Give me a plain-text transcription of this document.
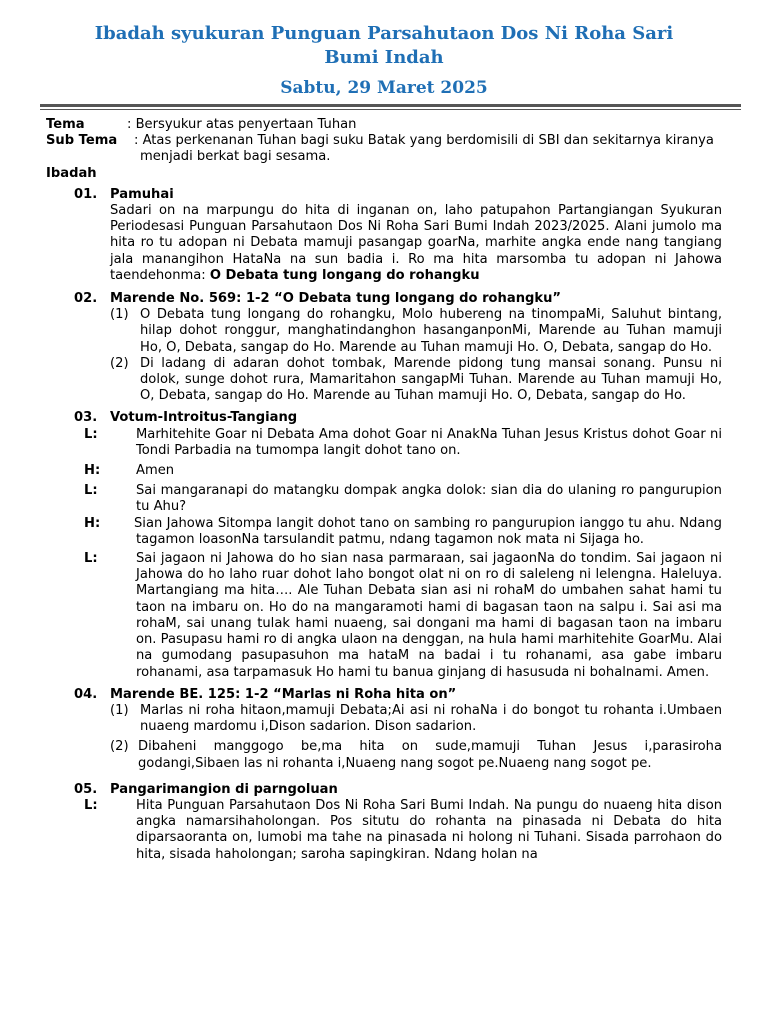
Ibadah syukuran Punguan Parsahutaon Dos Ni Roha Sari
Bumi Indah
Sabtu, 29 Maret 2025
Tema	: Bersyukur atas penyertaan Tuhan
Sub Tema	: Atas perkenanan Tuhan bagi suku Batak yang berdomisili di SBI dan sekitarnya kiranya menjadi berkat bagi sesama.
Ibadah
01. Pamuhai
Sadari on na marpungu do hita di inganan on, laho patupahon Partangiangan Syukuran Periodesasi Punguan Parsahutaon Dos Ni Roha Sari Bumi Indah 2023/2025. Alani jumolo ma hita ro tu adopan ni Debata mamuji pasangap goarNa, marhite angka ende nang tangiang jala manangihon HataNa na sun badia i. Ro ma hita marsomba tu adopan ni Jahowa taendehonma: O Debata tung longang do rohangku
02. Marende No. 569: 1-2 “O Debata tung longang do rohangku”
(1) O Debata tung longang do rohangku, Molo hubereng na tinompaMi, Saluhut bintang, hilap dohot ronggur, manghatindanghon hasanganponMi, Marende au Tuhan mamuji Ho, O, Debata, sangap do Ho. Marende au Tuhan mamuji Ho. O, Debata, sangap do Ho.
(2) Di ladang di adaran dohot tombak, Marende pidong tung mansai sonang. Punsu ni dolok, sunge dohot rura, Mamaritahon sangapMi Tuhan. Marende au Tuhan mamuji Ho, O, Debata, sangap do Ho. Marende au Tuhan mamuji Ho. O, Debata, sangap do Ho.
03. Votum-Introitus-Tangiang
L:	Marhitehite Goar ni Debata Ama dohot Goar ni AnakNa Tuhan Jesus Kristus dohot Goar ni Tondi Parbadia na tumompa langit dohot tano on.
H:	Amen
L:	Sai mangaranapi do matangku dompak angka dolok: sian dia do ulaning ro pangurupion tu Ahu?
H:	Sian Jahowa Sitompa langit dohot tano on sambing ro pangurupion ianggo tu ahu. Ndang tagamon loasonNa tarsulandit patmu, ndang tagamon nok mata ni Sijaga ho.
L:	Sai jagaon ni Jahowa do ho sian nasa parmaraan, sai jagaonNa do tondim. Sai jagaon ni Jahowa do ho laho ruar dohot laho bongot olat ni on ro di saleleng ni lelengna. Haleluya. Martangiang ma hita…. Ale Tuhan Debata sian asi ni rohaM do umbahen sahat hami tu taon na imbaru on. Ho do na mangaramoti hami di bagasan taon na salpu i. Sai asi ma rohaM, sai unang tulak hami nuaeng, sai dongani ma hami di bagasan taon na imbaru on. Pasupasu hami ro di angka ulaon na denggan, na hula hami marhitehite GoarMu. Alai na gumodang pasupasuhon ma hataM na badai i tu rohanami, asa gabe imbaru rohanami, asa tarpamasuk Ho hami tu banua ginjang di hasusuda ni bohalnami. Amen.
04. Marende BE. 125: 1-2 “Marlas ni Roha hita on”
(1) Marlas ni roha hitaon,mamuji Debata;Ai asi ni rohaNa i do bongot tu rohanta i.Umbaen nuaeng mardomu i,Dison sadarion. Dison sadarion.
(2) Dibaheni manggogo be,ma hita on sude,mamuji Tuhan Jesus i,parasiroha godangi,Sibaen las ni rohanta i,Nuaeng nang sogot pe.Nuaeng nang sogot pe.
05. Pangarimangion di parngoluan
L:	Hita Punguan Parsahutaon Dos Ni Roha Sari Bumi Indah. Na pungu do nuaeng hita dison angka namarsihaholongan. Pos situtu do rohanta na pinasada ni Debata do hita diparsaoranta on, lumobi ma tahe na pinasada ni holong ni Tuhani. Sisada parrohaon do hita, sisada haholongan; saroha sapingkiran. Ndang holan na
